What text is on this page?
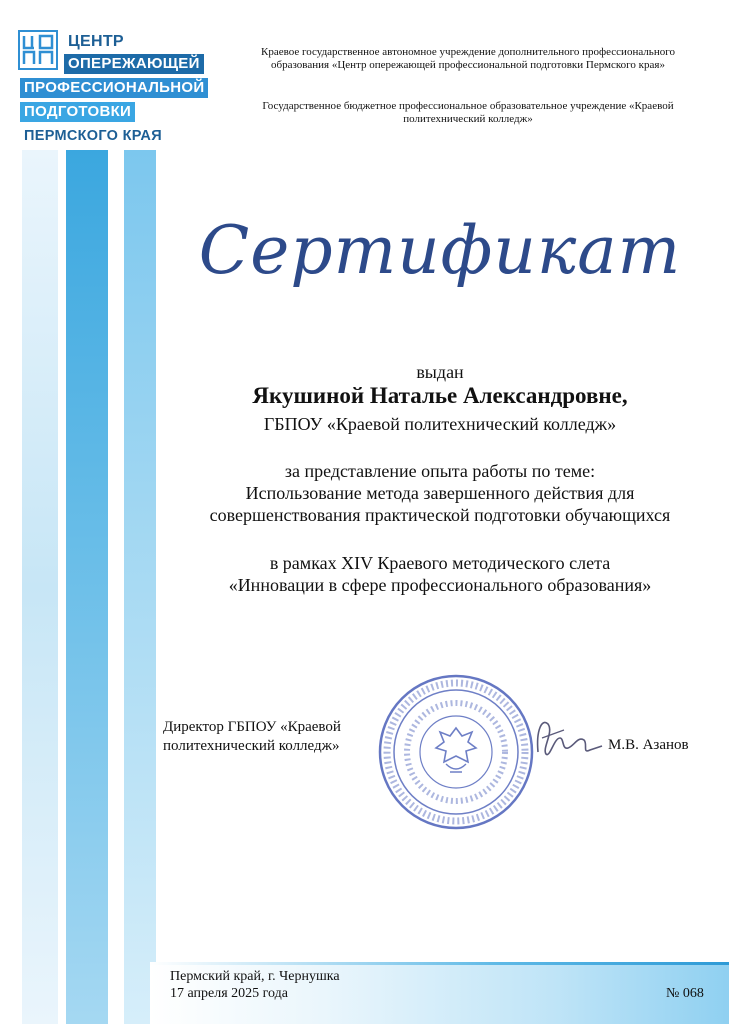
ЦЕНТР
ОПЕРЕЖАЮЩЕЙ
ПРОФЕССИОНАЛЬНОЙ
ПОДГОТОВКИ
ПЕРМСКОГО КРАЯ
Краевое государственное автономное учреждение дополнительного профессионального образования «Центр опережающей профессиональной подготовки Пермского края»
Государственное бюджетное профессиональное образовательное учреждение «Краевой политехнический колледж»
Сертификат
выдан
Якушиной Наталье Александровне,
ГБПОУ «Краевой политехнический колледж»
за представление опыта работы по теме:
Использование метода завершенного действия для
совершенствования практической подготовки обучающихся
в рамках XIV Краевого методического слета
«Инновации в сфере профессионального образования»
Директор ГБПОУ «Краевой
политехнический колледж»	М.В. Азанов
Пермский край, г. Чернушка
17 апреля 2025 года	№ 068
